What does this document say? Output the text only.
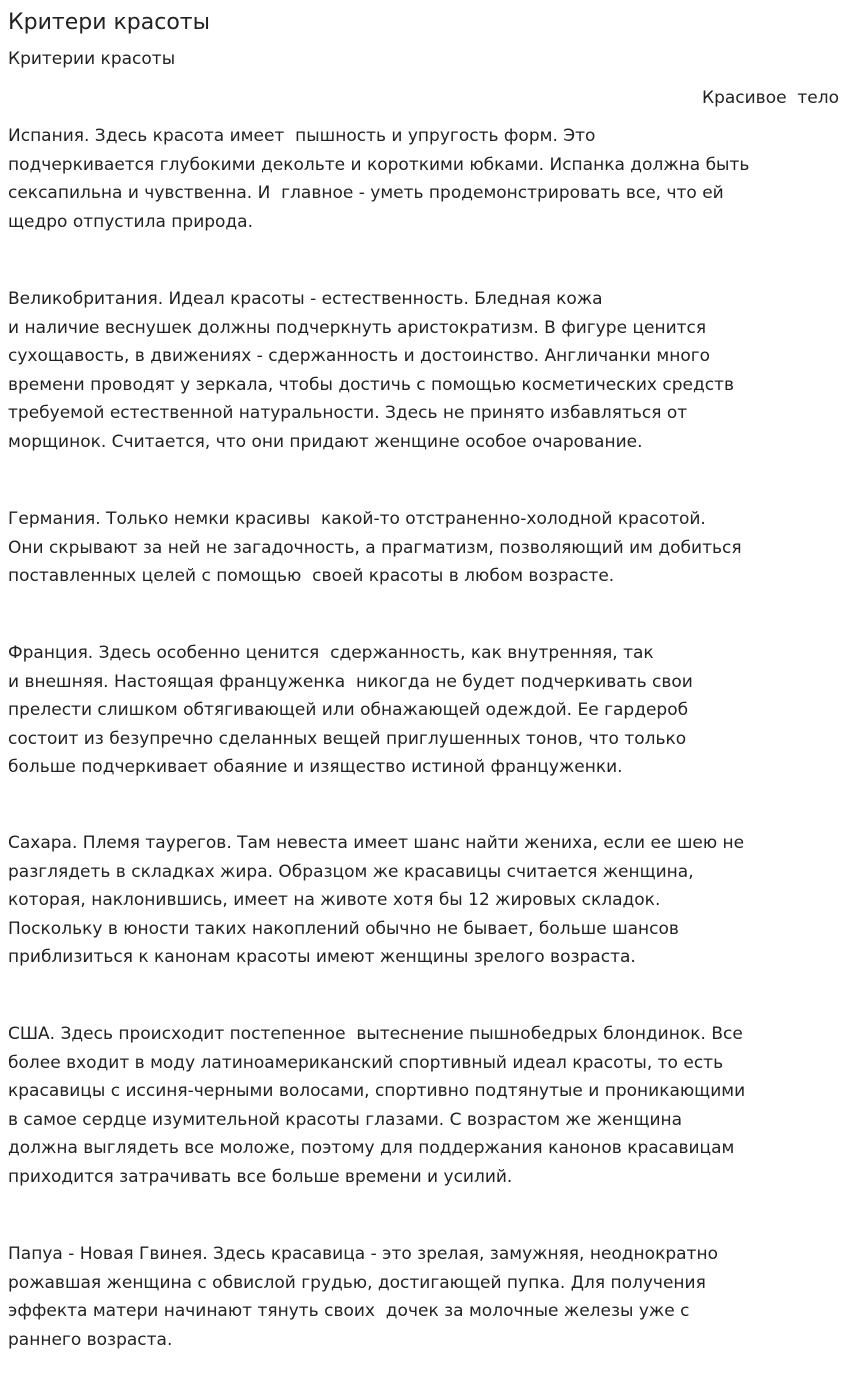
Критери красоты
Критерии красоты
Красивое  тело
Испания. Здесь красота имеет  пышность и упругость форм. Это
подчеркивается глубокими декольте и короткими юбками. Испанка должна быть
сексапильна и чувственна. И  главное - уметь продемонстрировать все, что ей
щедро отпустила природа.
Великобритания. Идеал красоты - естественность. Бледная кожа
и наличие веснушек должны подчеркнуть аристократизм. В фигуре ценится
сухощавость, в движениях - сдержанность и достоинство. Англичанки много
времени проводят у зеркала, чтобы достичь с помощью косметических средств
требуемой естественной натуральности. Здесь не принято избавляться от
морщинок. Считается, что они придают женщине особое очарование.
Германия. Только немки красивы  какой-то отстраненно-холодной красотой.
Они скрывают за ней не загадочность, а прагматизм, позволяющий им добиться
поставленных целей с помощью  своей красоты в любом возрасте.
Франция. Здесь особенно ценится  сдержанность, как внутренняя, так
и внешняя. Настоящая француженка  никогда не будет подчеркивать свои
прелести слишком обтягивающей или обнажающей одеждой. Ее гардероб
состоит из безупречно сделанных вещей приглушенных тонов, что только
больше подчеркивает обаяние и изящество истиной француженки.
Сахара. Племя таурегов. Там невеста имеет шанс найти жениха, если ее шею не
разглядеть в складках жира. Образцом же красавицы считается женщина,
которая, наклонившись, имеет на животе хотя бы 12 жировых складок.
Поскольку в юности таких накоплений обычно не бывает, больше шансов
приблизиться к канонам красоты имеют женщины зрелого возраста.
США. Здесь происходит постепенное  вытеснение пышнобедрых блондинок. Все
более входит в моду латиноамериканский спортивный идеал красоты, то есть
красавицы с иссиня-черными волосами, спортивно подтянутые и проникающими
в самое сердце изумительной красоты глазами. С возрастом же женщина
должна выглядеть все моложе, поэтому для поддержания канонов красавицам
приходится затрачивать все больше времени и усилий.
Папуа - Новая Гвинея. Здесь красавица - это зрелая, замужняя, неоднократно
рожавшая женщина с обвислой грудью, достигающей пупка. Для получения
эффекта матери начинают тянуть своих  дочек за молочные железы уже с
раннего возраста.
